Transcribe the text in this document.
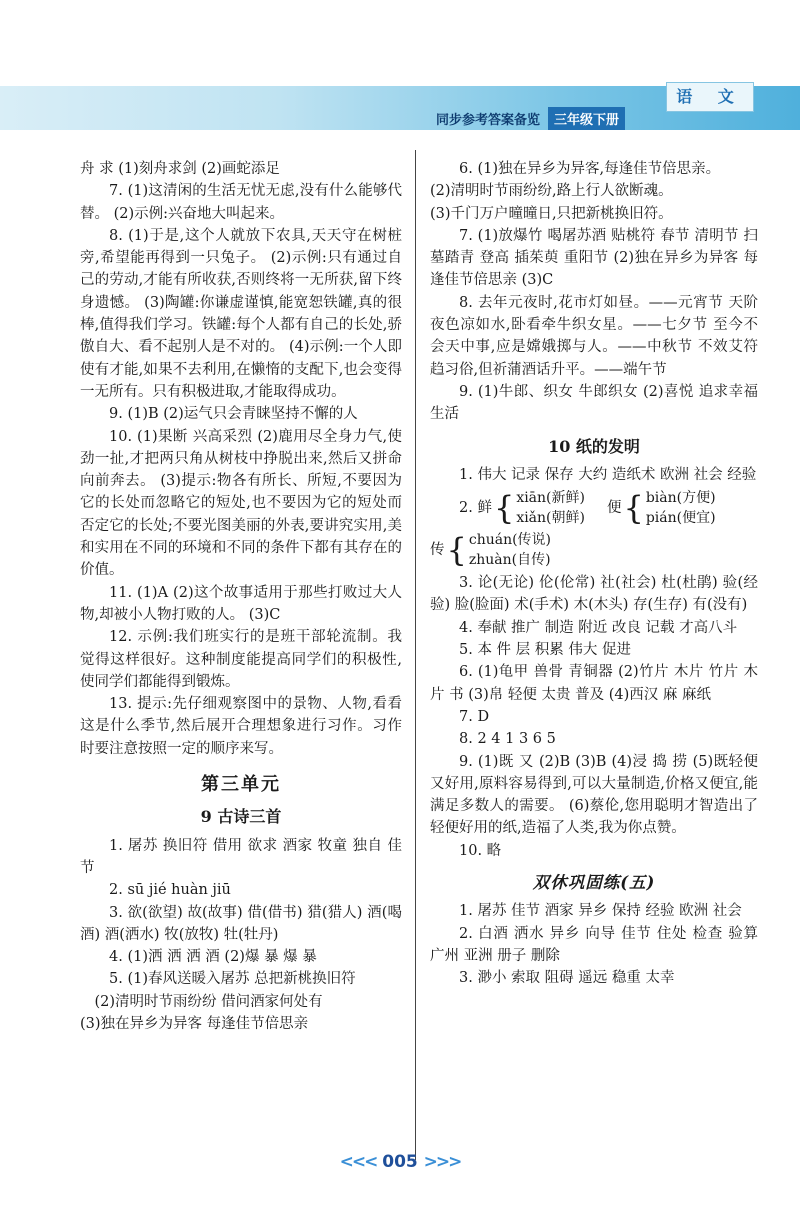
语 文
同步参考答案备览	三年级下册

舟 求 (1)刻舟求剑 (2)画蛇添足

7. (1)这清闲的生活无忧无虑,没有什么能够代替。 (2)示例:兴奋地大叫起来。

8. (1)于是,这个人就放下农具,天天守在树桩旁,希望能再得到一只兔子。 (2)示例:只有通过自己的劳动,才能有所收获,否则终将一无所获,留下终身遗憾。 (3)陶罐:你谦虚谨慎,能宽恕铁罐,真的很棒,值得我们学习。铁罐:每个人都有自己的长处,骄傲自大、看不起别人是不对的。 (4)示例:一个人即使有才能,如果不去利用,在懒惰的支配下,也会变得一无所有。只有积极进取,才能取得成功。

9. (1)B (2)运气只会青睐坚持不懈的人

10. (1)果断 兴高采烈 (2)鹿用尽全身力气,使劲一扯,才把两只角从树枝中挣脱出来,然后又拼命向前奔去。 (3)提示:物各有所长、所短,不要因为它的长处而忽略它的短处,也不要因为它的短处而否定它的长处;不要光图美丽的外表,要讲究实用,美和实用在不同的环境和不同的条件下都有其存在的价值。

11. (1)A (2)这个故事适用于那些打败过大人物,却被小人物打败的人。 (3)C

12. 示例:我们班实行的是班干部轮流制。我觉得这样很好。这种制度能提高同学们的积极性,使同学们都能得到锻炼。

13. 提示:先仔细观察图中的景物、人物,看看这是什么季节,然后展开合理想象进行习作。习作时要注意按照一定的顺序来写。

第三单元
9 古诗三首

1. 屠苏 换旧符 借用 欲求 酒家 牧童 独自 佳节

2. sū jié huàn jiū

3. 欲(欲望) 故(故事) 借(借书) 猎(猎人) 酒(喝酒) 酒(洒水) 牧(放牧) 牡(牡丹)

4. (1)洒 洒 洒 酒 (2)爆 暴 爆 暴

5. (1)春风送暖入屠苏 总把新桃换旧符

(2)清明时节雨纷纷 借问酒家何处有

(3)独在异乡为异客 每逢佳节倍思亲

6. (1)独在异乡为异客,每逢佳节倍思亲。

(2)清明时节雨纷纷,路上行人欲断魂。

(3)千门万户曈曈日,只把新桃换旧符。

7. (1)放爆竹 喝屠苏酒 贴桃符 春节 清明节 扫墓踏青 登高 插茱萸 重阳节 (2)独在异乡为异客 每逢佳节倍思亲 (3)C

8. 去年元夜时,花市灯如昼。——元宵节 天阶夜色凉如水,卧看牵牛织女星。——七夕节 至今不会天中事,应是嫦娥掷与人。——中秋节 不效艾符趋习俗,但祈蒲酒话升平。——端午节

9. (1)牛郎、织女 牛郎织女 (2)喜悦 追求幸福生活

10 纸的发明

1. 伟大 记录 保存 大约 造纸术 欧洲 社会 经验

2. 鲜 { xiān(新鲜)
xiǎn(朝鲜)
便 { biàn(方便)
pián(便宜)
传 { chuán(传说)
zhuàn(自传)

3. 论(无论) 伦(伦常) 社(社会) 杜(杜鹃) 验(经验) 脸(脸面) 术(手术) 木(木头) 存(生存) 有(没有)

4. 奉献 推广 制造 附近 改良 记载 才高八斗

5. 本 件 层 积累 伟大 促进

6. (1)龟甲 兽骨 青铜器 (2)竹片 木片 竹片 木片 书 (3)帛 轻便 太贵 普及 (4)西汉 麻 麻纸

7. D

8. 2 4 1 3 6 5

9. (1)既 又 (2)B (3)B (4)浸 捣 捞 (5)既轻便又好用,原料容易得到,可以大量制造,价格又便宜,能满足多数人的需要。 (6)蔡伦,您用聪明才智造出了轻便好用的纸,造福了人类,我为你点赞。

10. 略

双休巩固练(五)

1. 屠苏 佳节 酒家 异乡 保持 经验 欧洲 社会

2. 白酒 洒水 异乡 向导 佳节 住处 检查 验算 广州 亚洲 册子 删除

3. 渺小 索取 阻碍 遥远 稳重 太幸

<<< 005 >>>
